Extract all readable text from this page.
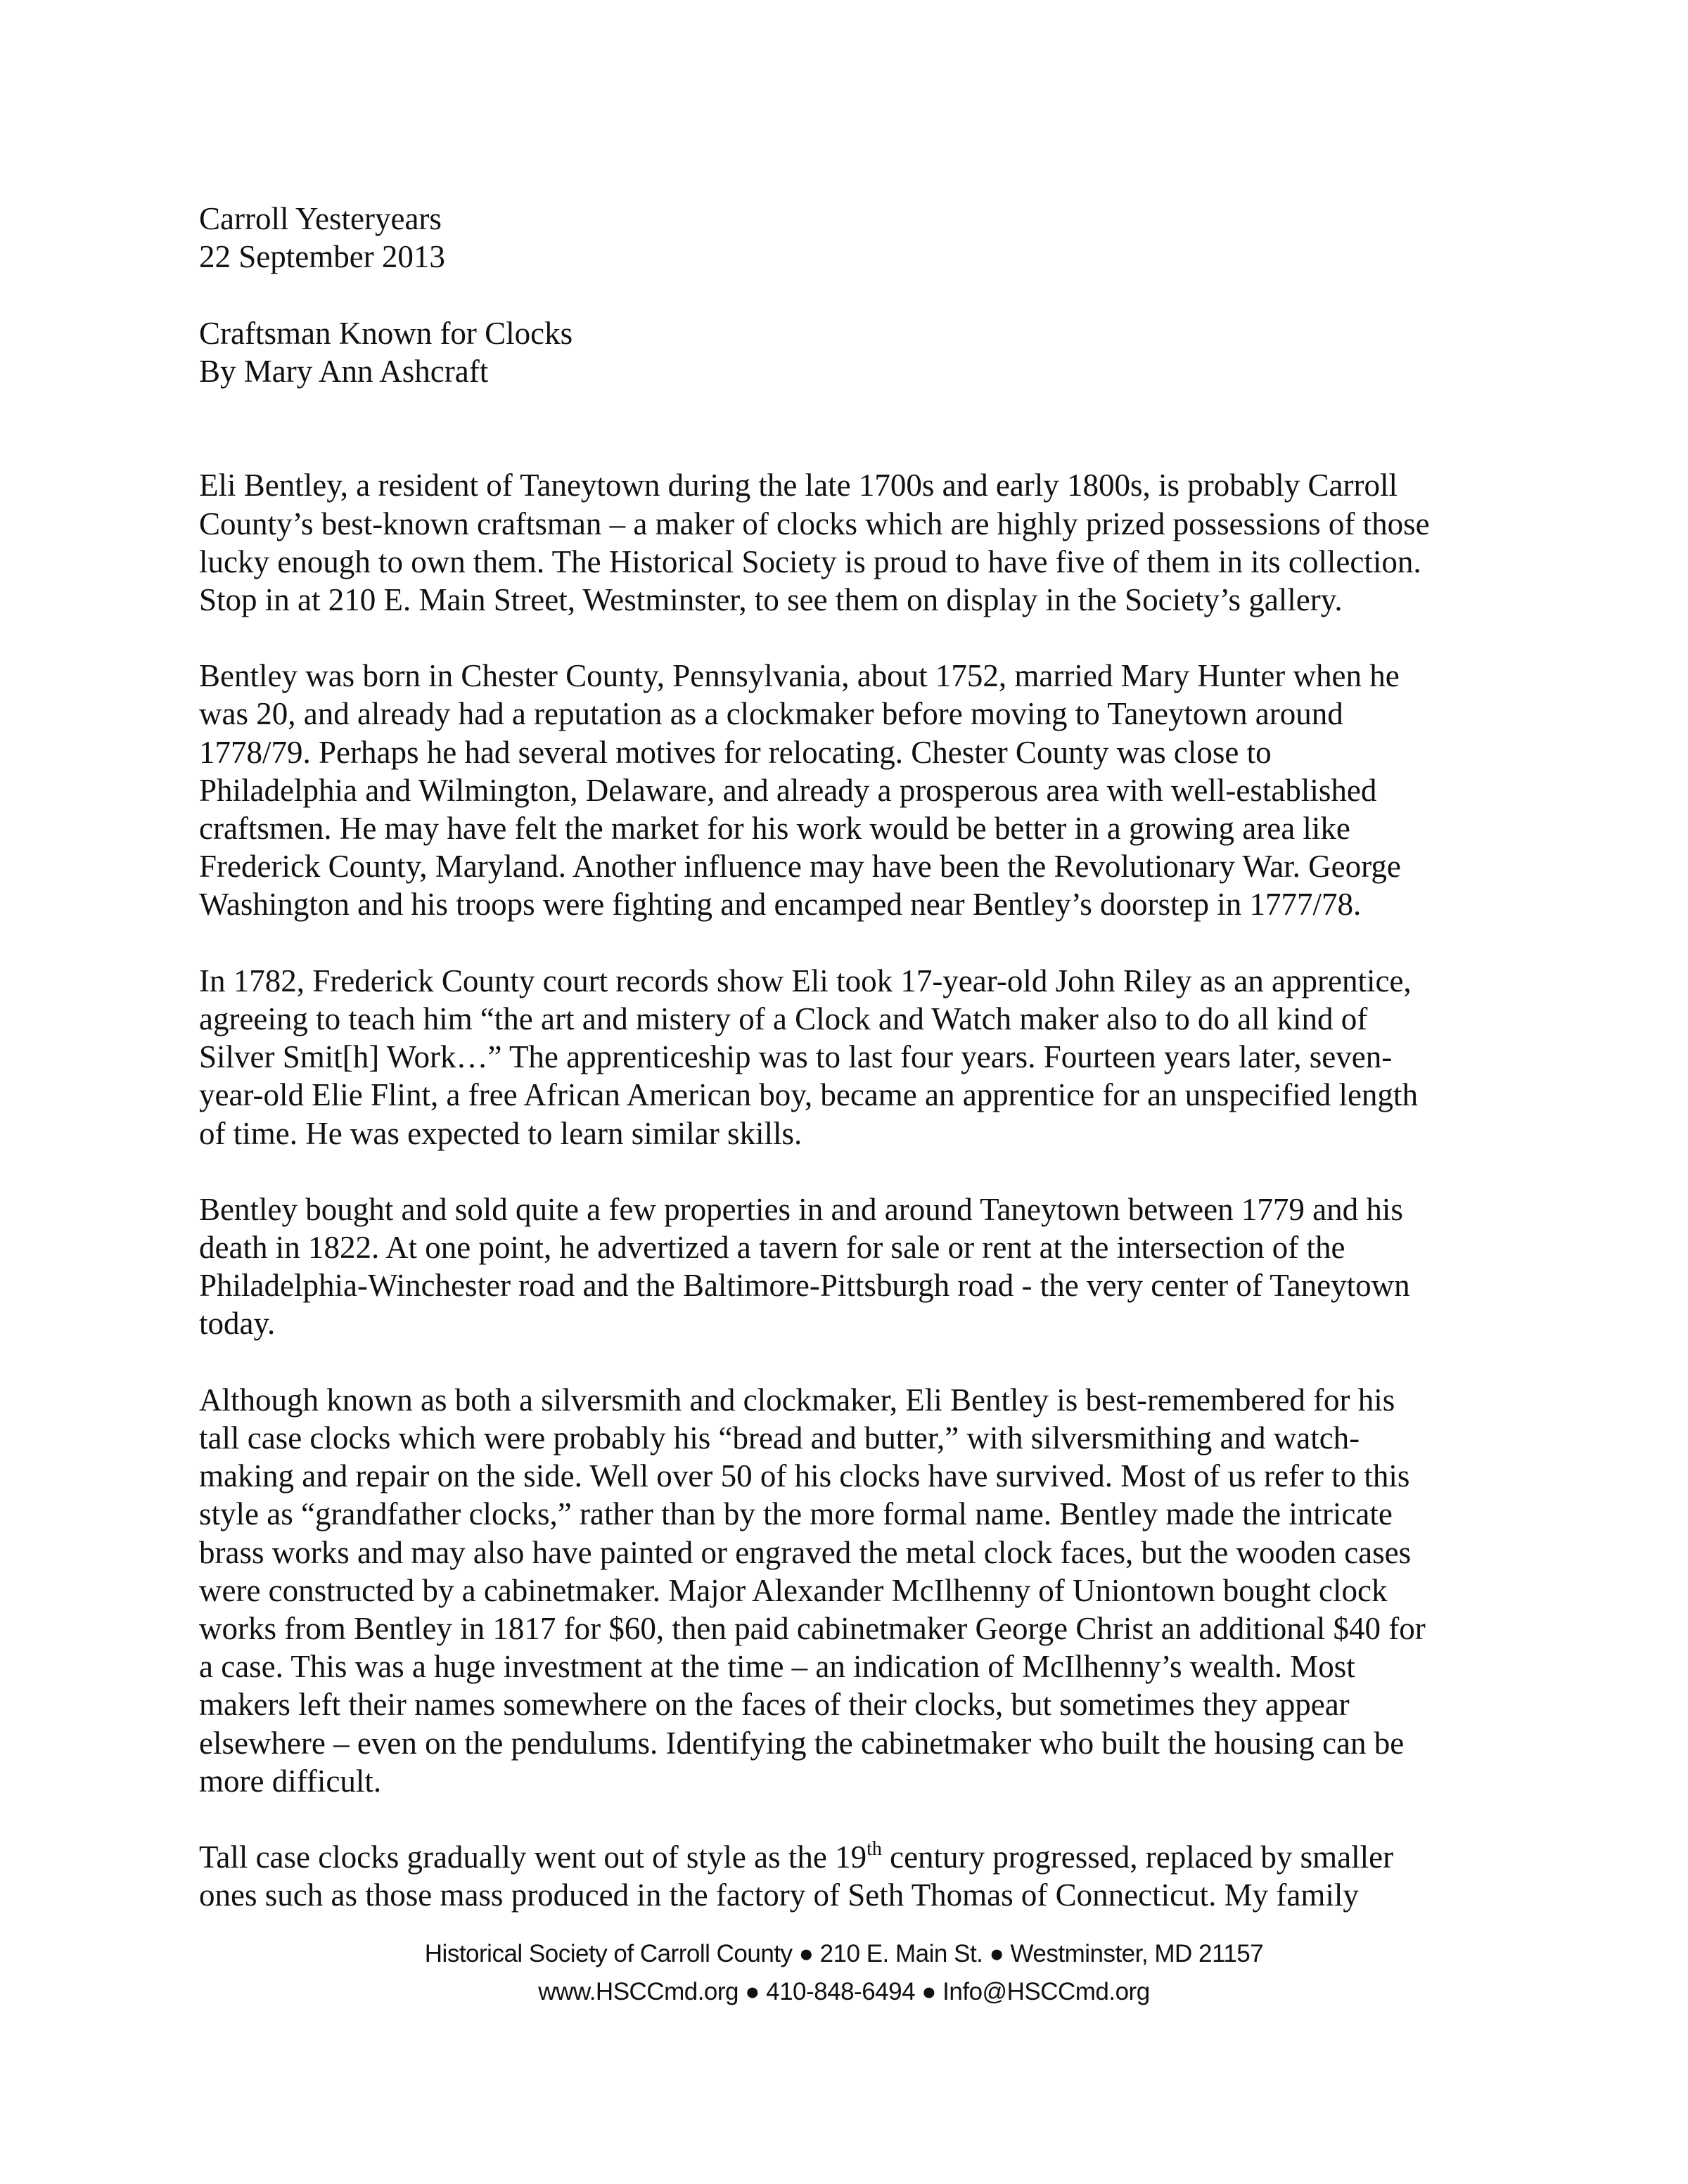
Carroll Yesteryears
22 September 2013
Craftsman Known for Clocks
By Mary Ann Ashcraft
Eli Bentley, a resident of Taneytown during the late 1700s and early 1800s, is probably Carroll
County’s best-known craftsman – a maker of clocks which are highly prized possessions of those
lucky enough to own them. The Historical Society is proud to have five of them in its collection.
Stop in at 210 E. Main Street, Westminster, to see them on display in the Society’s gallery.
Bentley was born in Chester County, Pennsylvania, about 1752, married Mary Hunter when he
was 20, and already had a reputation as a clockmaker before moving to Taneytown around
1778/79. Perhaps he had several motives for relocating. Chester County was close to
Philadelphia and Wilmington, Delaware, and already a prosperous area with well-established
craftsmen. He may have felt the market for his work would be better in a growing area like
Frederick County, Maryland. Another influence may have been the Revolutionary War. George
Washington and his troops were fighting and encamped near Bentley’s doorstep in 1777/78.
In 1782, Frederick County court records show Eli took 17-year-old John Riley as an apprentice,
agreeing to teach him “the art and mistery of a Clock and Watch maker also to do all kind of
Silver Smit[h] Work…” The apprenticeship was to last four years. Fourteen years later, seven-
year-old Elie Flint, a free African American boy, became an apprentice for an unspecified length
of time. He was expected to learn similar skills.
Bentley bought and sold quite a few properties in and around Taneytown between 1779 and his
death in 1822. At one point, he advertized a tavern for sale or rent at the intersection of the
Philadelphia-Winchester road and the Baltimore-Pittsburgh road - the very center of Taneytown
today.
Although known as both a silversmith and clockmaker, Eli Bentley is best-remembered for his
tall case clocks which were probably his “bread and butter,” with silversmithing and watch-
making and repair on the side. Well over 50 of his clocks have survived. Most of us refer to this
style as “grandfather clocks,” rather than by the more formal name. Bentley made the intricate
brass works and may also have painted or engraved the metal clock faces, but the wooden cases
were constructed by a cabinetmaker. Major Alexander McIlhenny of Uniontown bought clock
works from Bentley in 1817 for $60, then paid cabinetmaker George Christ an additional $40 for
a case. This was a huge investment at the time – an indication of McIlhenny’s wealth. Most
makers left their names somewhere on the faces of their clocks, but sometimes they appear
elsewhere – even on the pendulums. Identifying the cabinetmaker who built the housing can be
more difficult.
Tall case clocks gradually went out of style as the 19th century progressed, replaced by smaller
ones such as those mass produced in the factory of Seth Thomas of Connecticut. My family
Historical Society of Carroll County ● 210 E. Main St. ● Westminster, MD 21157
www.HSCCmd.org ● 410-848-6494 ● Info@HSCCmd.org
